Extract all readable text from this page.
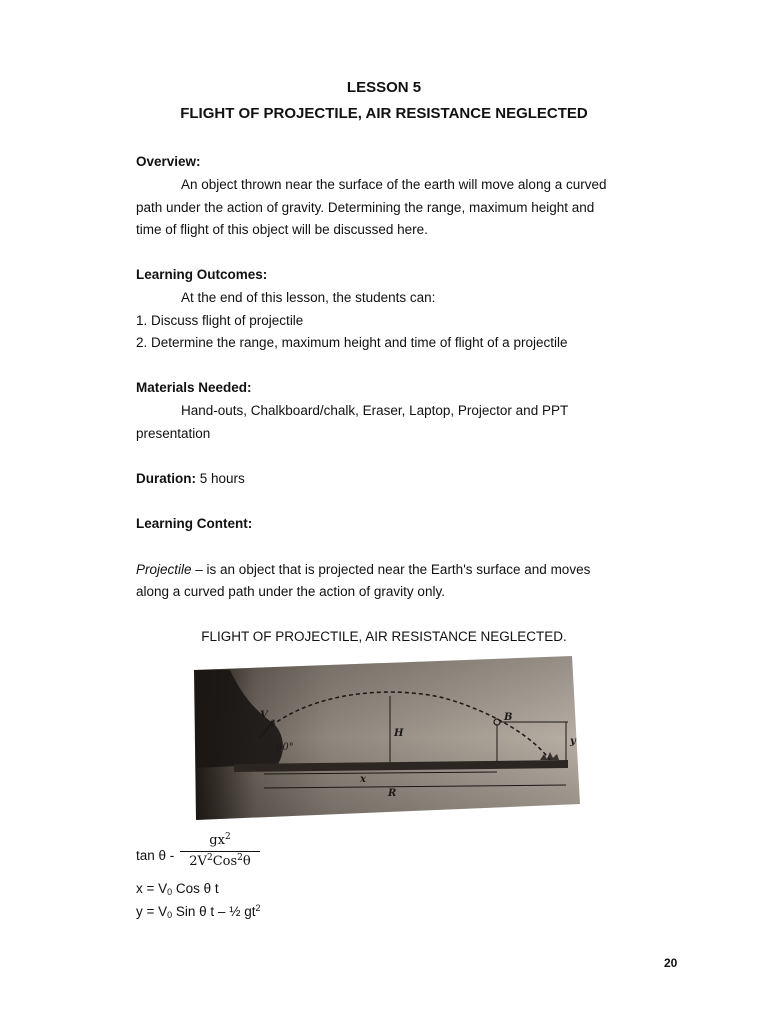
LESSON 5
FLIGHT OF PROJECTILE, AIR RESISTANCE NEGLECTED
Overview:
An object thrown near the surface of the earth will move along a curved
path under the action of gravity. Determining the range, maximum height and
time of flight of this object will be discussed here.
Learning Outcomes:
At the end of this lesson, the students can:
1. Discuss flight of projectile
2. Determine the range, maximum height and time of flight of a projectile
Materials Needed:
Hand-outs, Chalkboard/chalk, Eraser, Laptop, Projector and PPT
presentation
Duration: 5 hours
Learning Content:
Projectile – is an object that is projected near the Earth's surface and moves
along a curved path under the action of gravity only.
FLIGHT OF PROJECTILE, AIR RESISTANCE NEGLECTED.
V
θ
60°
H
B
y
x
R
tan θ -
$gx^2$
$2V^2Cos^2\theta$
$x = V_0$ Cos θ t
$y = V_0$ Sin θ t – ½ $gt^2$
20
